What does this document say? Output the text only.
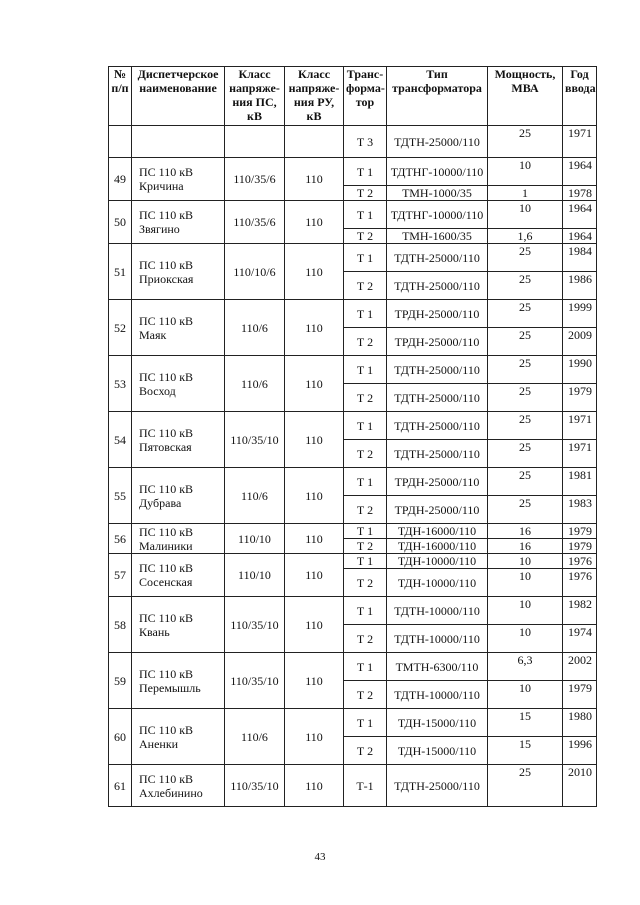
№ п/п	Диспетчерское наименование	Класс напряже-ния ПС, кВ	Класс напряже-ния РУ, кВ	Транс-форма-тор	Тип трансформатора	Мощность, МВА	Год ввода
				Т 3	ТДТН-25000/110	25	1971
49	ПС 110 кВ Кричина	110/35/6	110	Т 1	ТДТНГ-10000/110	10	1964
				Т 2	ТМН-1000/35	1	1978
50	ПС 110 кВ Звягино	110/35/6	110	Т 1	ТДТНГ-10000/110	10	1964
				Т 2	ТМН-1600/35	1,6	1964
51	ПС 110 кВ Приокская	110/10/6	110	Т 1	ТДТН-25000/110	25	1984
				Т 2	ТДТН-25000/110	25	1986
52	ПС 110 кВ Маяк	110/6	110	Т 1	ТРДН-25000/110	25	1999
				Т 2	ТРДН-25000/110	25	2009
53	ПС 110 кВ Восход	110/6	110	Т 1	ТДТН-25000/110	25	1990
				Т 2	ТДТН-25000/110	25	1979
54	ПС 110 кВ Пятовская	110/35/10	110	Т 1	ТДТН-25000/110	25	1971
				Т 2	ТДТН-25000/110	25	1971
55	ПС 110 кВ Дубрава	110/6	110	Т 1	ТРДН-25000/110	25	1981
				Т 2	ТРДН-25000/110	25	1983
56	ПС 110 кВ Малиники	110/10	110	Т 1	ТДН-16000/110	16	1979
				Т 2	ТДН-16000/110	16	1979
57	ПС 110 кВ Сосенская	110/10	110	Т 1	ТДН-10000/110	10	1976
				Т 2	ТДН-10000/110	10	1976
58	ПС 110 кВ Квань	110/35/10	110	Т 1	ТДТН-10000/110	10	1982
				Т 2	ТДТН-10000/110	10	1974
59	ПС 110 кВ Перемышль	110/35/10	110	Т 1	ТМТН-6300/110	6,3	2002
				Т 2	ТДТН-10000/110	10	1979
60	ПС 110 кВ Аненки	110/6	110	Т 1	ТДН-15000/110	15	1980
				Т 2	ТДН-15000/110	15	1996
61	ПС 110 кВ Ахлебинино	110/35/10	110	Т-1	ТДТН-25000/110	25	2010
43
